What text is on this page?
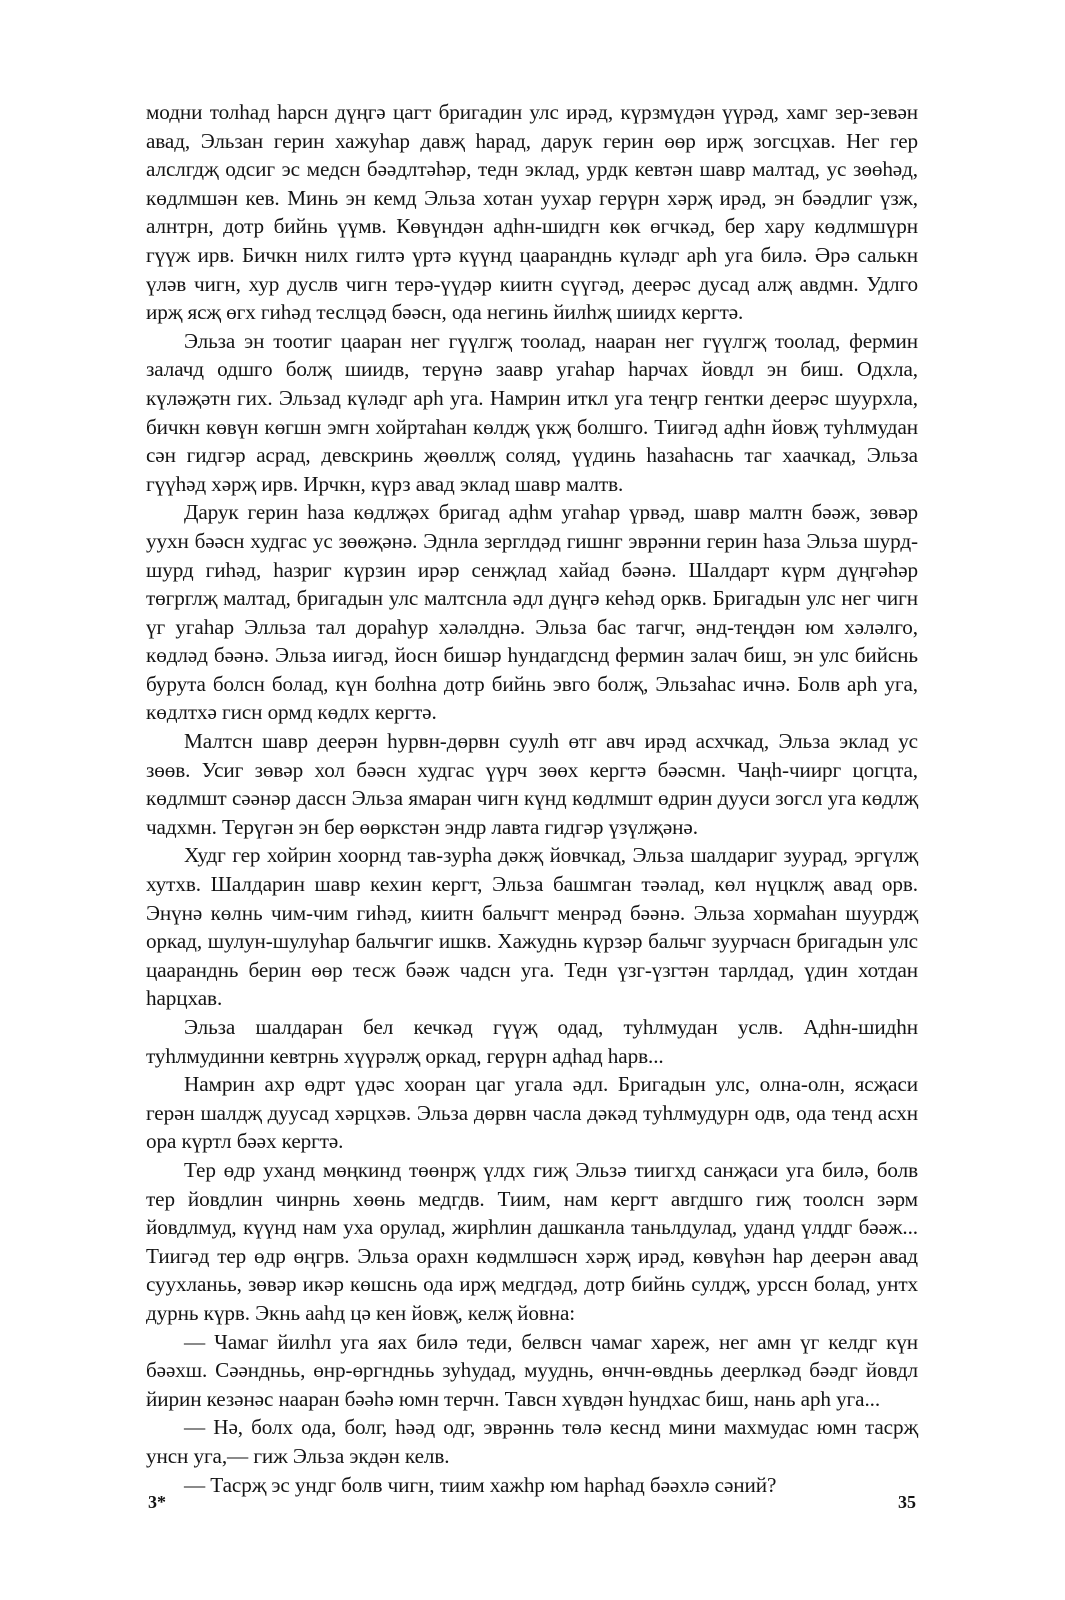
модни толһад һарсн дүңгә цагт бригадин улс ирәд, күрзмүдән үүрәд, хамг зер-зевән авад, Эльзан герин хажуһар давҗ һарад, дарук герин өөр ирҗ зогсцхав. Нег гер алслгдҗ одсиг эс медсн бәәдлтәһәр, тедн эклад, урдк кевтән шавр малтад, ус зөөһәд, көдлмшән кев. Минь эн кемд Эльза хотан уухар герүрн хәрҗ ирәд, эн бәәдлиг үзж, алнтрн, дотр бийнь үүмв. Көвүндән адһн-шидгн көк өгчкәд, бер хару көдлмшүрн гүүж ирв. Бичкн нилх гилтә үртә күүнд цааранднь күләдг арһ уга билә. Әрә салькн үләв чигн, хур дуслв чигн терә-үүдәр киитн сүүгәд, деерәс дусад алҗ авдмн. Удлго ирҗ ясҗ өгх гиһәд теслцәд бәәсн, ода негинь йилһҗ шиидх кергтә.

Эльза эн тоотиг цааран нег гүүлгҗ тоолад, нааран нег гүүлгҗ тоолад, фермин залачд одшго болҗ шиидв, терүнә заавр угаһар һарчах йовдл эн биш. Одхла, күләҗәтн гих. Эльзад күләдг арһ уга. Намрин иткл уга теңгр гентки деерәс шуурхла, бичкн көвүн көгшн эмгн хойртаһан көлдҗ үкҗ болшго. Тиигәд адһн йовҗ туһлмудан сән гидгәр асрад, девскринь җөөллҗ соляд, үүдинь һазаһаснь таг хаачкад, Эльза гүүһәд хәрҗ ирв. Ирчкн, күрз авад эклад шавр малтв.

Дарук герин һаза көдлҗәх бригад адһм угаһар үрвәд, шавр малтн бәәж, зөвәр уухн бәәсн худгас ус зөөҗәнә. Эднла зерглдәд гишнг эврәнни герин һаза Эльза шурд-шурд гиһәд, һазриг күрзин ирәр сенҗлад хайад бәәнә. Шалдарт күрм дүңгәһәр төгрглҗ малтад, бригадын улс малтснла әдл дүңгә кеһәд оркв. Бригадын улс нег чигн үг угаһар Элльза тал дораһур хәләлднә. Эльза бас тагчг, әнд-теңдән юм хәләлго, көдләд бәәнә. Эльза иигәд, йосн бишәр һундагдснд фермин залач биш, эн улс бийснь бурута болсн болад, күн болһна дотр бийнь эвго болҗ, Эльзаһас ичнә. Болв арһ уга, көдлтхә гисн ормд көдлх кергтә.

Малтсн шавр деерән һурвн-дөрвн суулһ өтг авч ирәд асхчкад, Эльза эклад ус зөөв. Усиг зөвәр хол бәәсн худгас үүрч зөөх кергтә бәәсмн. Чаңһ-чиирг цогцта, көдлмшт сәәнәр дассн Эльза ямаран чигн күнд көдлмшт өдрин дууси зогсл уга көдлҗ чадхмн. Терүгән эн бер өөркстән эндр лавта гидгәр үзүлҗәнә.

Худг гер хойрин хоорнд тав-зурһа дәкҗ йовчкад, Эльза шалдариг зуурад, эргүлҗ хутхв. Шалдарин шавр кехин кергт, Эльза башмган тәәлад, көл нүцклҗ авад орв. Энүнә көлнь чим-чим гиһәд, киитн бальчгт менрәд бәәнә. Эльза хормаһан шуурдҗ оркад, шулун-шулуһар бальчгиг ишкв. Хажуднь күрзәр бальчг зуурчасн бригадын улс цааранднь берин өөр тесж бәәж чадсн уга. Тедн үзг-үзгтән тарлдад, үдин хотдан һарцхав.

Эльза шалдаран бел кечкәд гүүҗ одад, туһлмудан услв. Адһн-шидһн туһлмудинни кевтрнь хүүрәлҗ оркад, герүрн адһад һарв...

Намрин ахр өдрт үдәс хооран цаг угала әдл. Бригадын улс, олна-олн, ясҗаси герән шалдҗ дуусад хәрцхәв. Эльза дөрвн часла дәкәд туһлмудурн одв, ода тенд асхн ора күртл бәәх кергтә.

Тер өдр уханд мөңкинд төөнрҗ үлдх гиҗ Эльзә тиигхд санҗаси уга билә, болв тер йовдлин чинрнь хөөнь медгдв. Тиим, нам кергт авгдшго гиҗ тоолсн зәрм йовдлмуд, күүнд нам уха орулад, жирһлин дашканла таньлдулад, уданд үлддг бәәж... Тиигәд тер өдр өңгрв. Эльза орахн көдмлшәсн хәрҗ ирәд, көвүһән һар деерән авад суухланьь, зөвәр икәр көшснь ода ирҗ медгдәд, дотр бийнь сулдҗ, урссн болад, унтх дурнь күрв. Экнь аaһд цә кен йовҗ, келҗ йовна:

— Чамаг йилһл уга яах билә теди, белвсн чамаг хареж, нег амн үг келдг күн бәәхш. Сәәндньь, өнр-өргндньь зуһудад, мууднь, өнчн-өвдньь деерлкәд бәәдг йовдл йирин кезәнәс нааран бәәһә юмн терчн. Тавсн хүвдән һундхас биш, нань арһ уга...

— Нә, болх ода, болг, һәәд одг, эврәннь төлә кеснд мини махмудас юмн тасрҗ унсн уга,— гиж Эльза экдән келв.

— Тасрҗ эс ундг болв чигн, тиим хажһр юм һарһад бәәхлә сәний?

3*	35
